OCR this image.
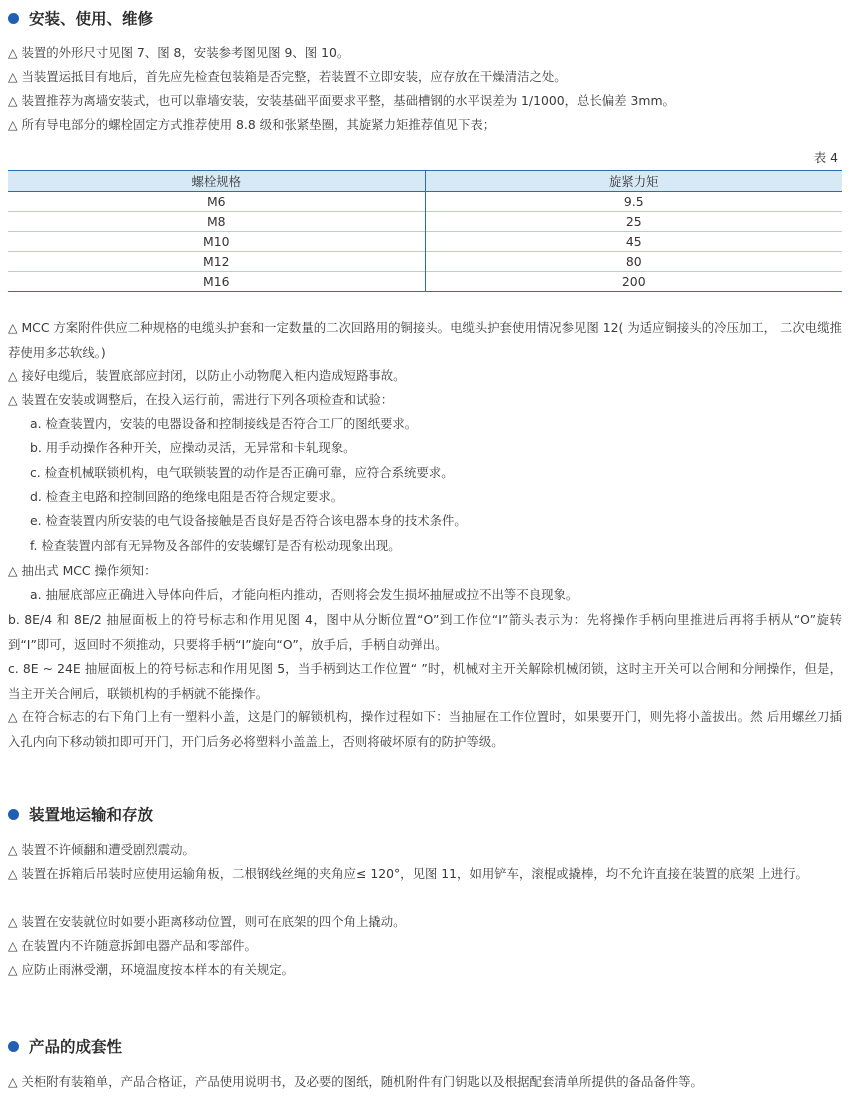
安装、使用、维修
△ 装置的外形尺寸见图 7、图 8，安装参考图见图 9、图 10。
△ 当装置运抵目有地后，首先应先检查包装箱是否完整，若装置不立即安装，应存放在干燥清洁之处。
△ 装置推荐为离墙安装式，也可以靠墙安装，安装基础平面要求平整，基础槽钢的水平误差为 1/1000，总长偏差 3mm。
△ 所有导电部分的螺栓固定方式推荐使用 8.8 级和张紧垫圈，其旋紧力矩推荐值见下表；
表 4
螺栓规格	旋紧力矩
M6	9.5
M8	25
M10	45
M12	80
M16	200
△ MCC 方案附件供应二种规格的电缆头护套和一定数量的二次回路用的铜接头。电缆头护套使用情况参见图 12( 为适应铜接头的冷压加工， 二次电缆推荐使用多芯软线。)
△ 接好电缆后，装置底部应封闭，以防止小动物爬入柜内造成短路事故。
△ 装置在安装或调整后，在投入运行前，需进行下列各项检查和试验：
a. 检查装置内，安装的电器设备和控制接线是否符合工厂的图纸要求。
b. 用手动操作各种开关，应操动灵活，无异常和卡轧现象。
c. 检查机械联锁机构，电气联锁装置的动作是否正确可靠，应符合系统要求。
d. 检查主电路和控制回路的绝缘电阻是否符合规定要求。
e. 检查装置内所安装的电气设备接触是否良好是否符合该电器本身的技术条件。
f. 检查装置内部有无异物及各部件的安装螺钉是否有松动现象出现。
△ 抽出式 MCC 操作须知：
a. 抽屉底部应正确进入导体向件后，才能向柜内推动，否则将会发生损坏抽屉或拉不出等不良现象。
b. 8E/4 和 8E/2 抽屉面板上的符号标志和作用见图 4，图中从分断位置“O”到工作位“I”箭头表示为：先将操作手柄向里推进后再将手柄从“O”旋转到“I”即可，返回时不须推动，只要将手柄“I”旋向“O”，放手后，手柄自动弹出。
c. 8E ~ 24E 抽屉面板上的符号标志和作用见图 5，当手柄到达工作位置“ ”时，机械对主开关解除机械闭锁，这时主开关可以合闸和分闸操作，但是，当主开关合闸后，联锁机构的手柄就不能操作。
△ 在符合标志的右下角门上有一塑料小盖，这是门的解锁机构，操作过程如下：当抽屉在工作位置时，如果要开门，则先将小盖拔出。然 后用螺丝刀插入孔内向下移动锁扣即可开门，开门后务必将塑料小盖盖上，否则将破坏原有的防护等级。
装置地运输和存放
△ 装置不许倾翻和遭受剧烈震动。
△ 装置在拆箱后吊装时应使用运输角板，二根钢线丝绳的夹角应≤ 120°，见图 11，如用铲车，滚棍或撬棒，均不允许直接在装置的底架 上进行。
△ 装置在安装就位时如要小距离移动位置，则可在底架的四个角上撬动。
△ 在装置内不许随意拆卸电器产品和零部件。
△ 应防止雨淋受潮，环境温度按本样本的有关规定。
产品的成套性
△ 关柜附有装箱单，产品合格证，产品使用说明书，及必要的图纸，随机附件有门钥匙以及根据配套清单所提供的备品备件等。
